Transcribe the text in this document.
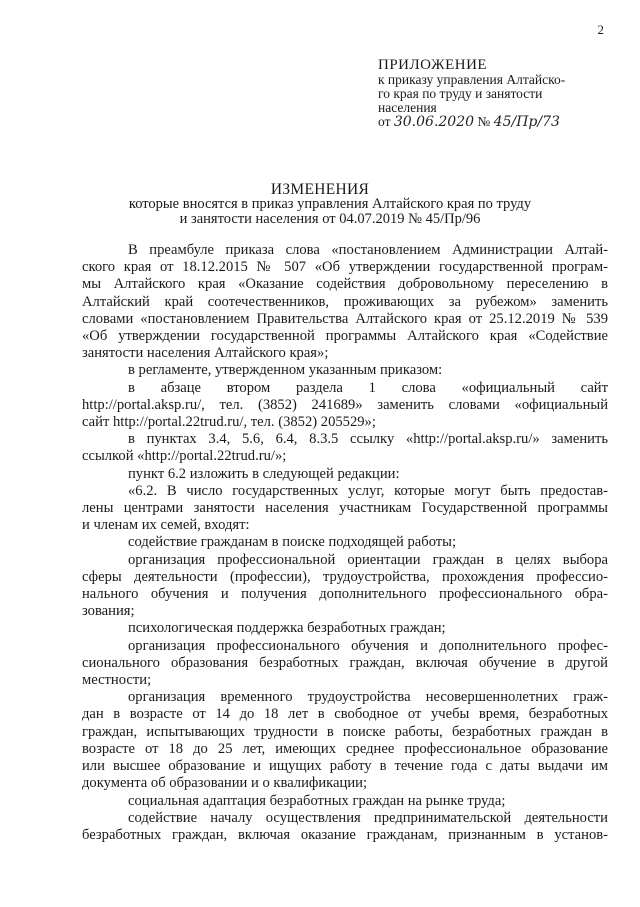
2
ПРИЛОЖЕНИЕ
к приказу управления Алтайско-
го края по труду и занятости
населения
от 30.06.2020 № 45/Пр/73
ИЗМЕНЕНИЯ
которые вносятся в приказ управления Алтайского края по труду
и занятости населения от 04.07.2019 № 45/Пр/96
В преамбуле приказа слова «постановлением Администрации Алтай-
ского края от 18.12.2015 № 507 «Об утверждении государственной програм-
мы Алтайского края «Оказание содействия добровольному переселению в
Алтайский край соотечественников, проживающих за рубежом» заменить
словами «постановлением Правительства Алтайского края от 25.12.2019 № 539
«Об утверждении государственной программы Алтайского края «Содействие
занятости населения Алтайского края»;
в регламенте, утвержденном указанным приказом:
в абзаце втором раздела 1 слова «официальный сайт
http://portal.aksp.ru/, тел. (3852) 241689» заменить словами «официальный
сайт http://portal.22trud.ru/, тел. (3852) 205529»;
в пунктах 3.4, 5.6, 6.4, 8.3.5 ссылку «http://portal.aksp.ru/» заменить
ссылкой «http://portal.22trud.ru/»;
пункт 6.2 изложить в следующей редакции:
«6.2. В число государственных услуг, которые могут быть предостав-
лены центрами занятости населения участникам Государственной программы
и членам их семей, входят:
содействие гражданам в поиске подходящей работы;
организация профессиональной ориентации граждан в целях выбора
сферы деятельности (профессии), трудоустройства, прохождения профессио-
нального обучения и получения дополнительного профессионального обра-
зования;
психологическая поддержка безработных граждан;
организация профессионального обучения и дополнительного профес-
сионального образования безработных граждан, включая обучение в другой
местности;
организация временного трудоустройства несовершеннолетних граж-
дан в возрасте от 14 до 18 лет в свободное от учебы время, безработных
граждан, испытывающих трудности в поиске работы, безработных граждан в
возрасте от 18 до 25 лет, имеющих среднее профессиональное образование
или высшее образование и ищущих работу в течение года с даты выдачи им
документа об образовании и о квалификации;
социальная адаптация безработных граждан на рынке труда;
содействие началу осуществления предпринимательской деятельности
безработных граждан, включая оказание гражданам, признанным в установ-
